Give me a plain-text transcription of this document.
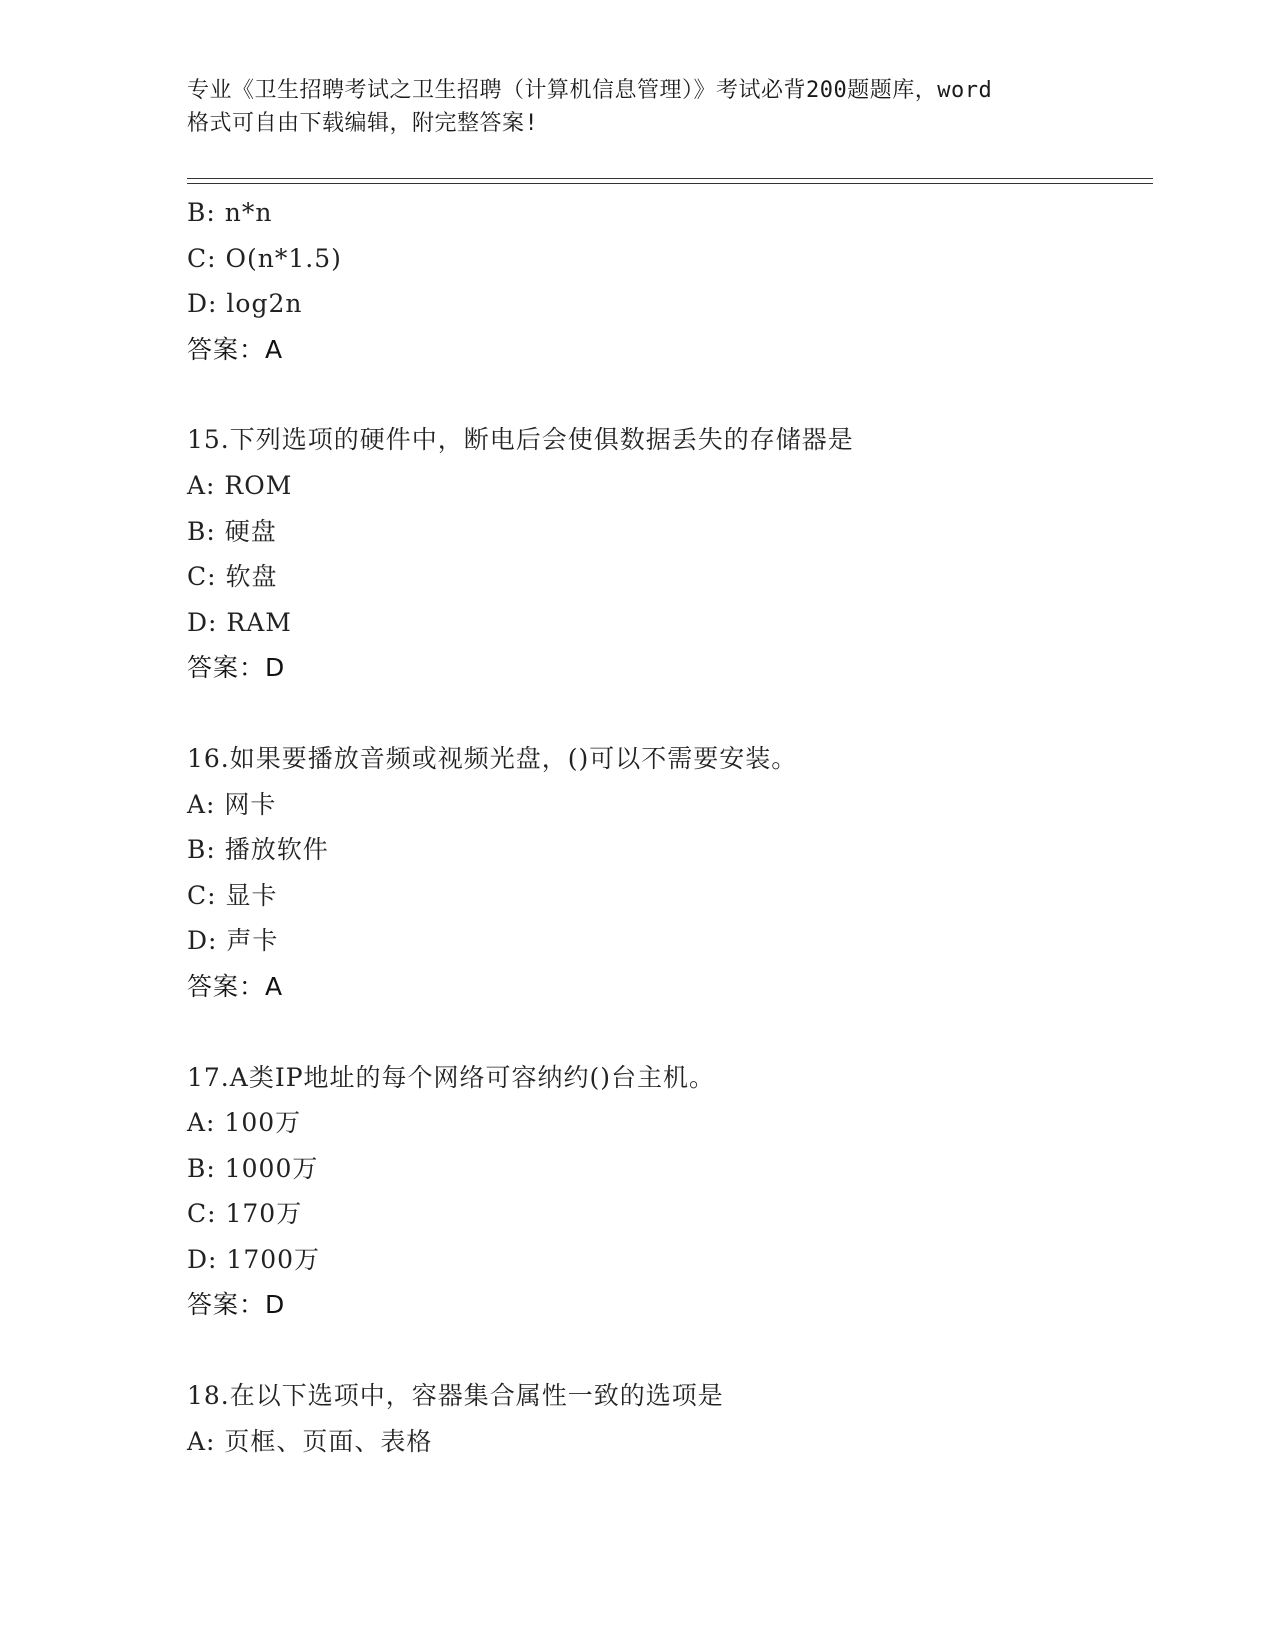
专业《卫生招聘考试之卫生招聘（计算机信息管理）》考试必背200题题库，word
格式可自由下载编辑，附完整答案!
B: n*n
C: O(n*1.5)
D: log2n
答案：A
15.下列选项的硬件中，断电后会使俱数据丢失的存储器是
A: ROM
B: 硬盘
C: 软盘
D: RAM
答案：D
16.如果要播放音频或视频光盘，()可以不需要安装。
A: 网卡
B: 播放软件
C: 显卡
D: 声卡
答案：A
17.A类IP地址的每个网络可容纳约()台主机。
A: 100万
B: 1000万
C: 170万
D: 1700万
答案：D
18.在以下选项中，容器集合属性一致的选项是
A: 页框、页面、表格
